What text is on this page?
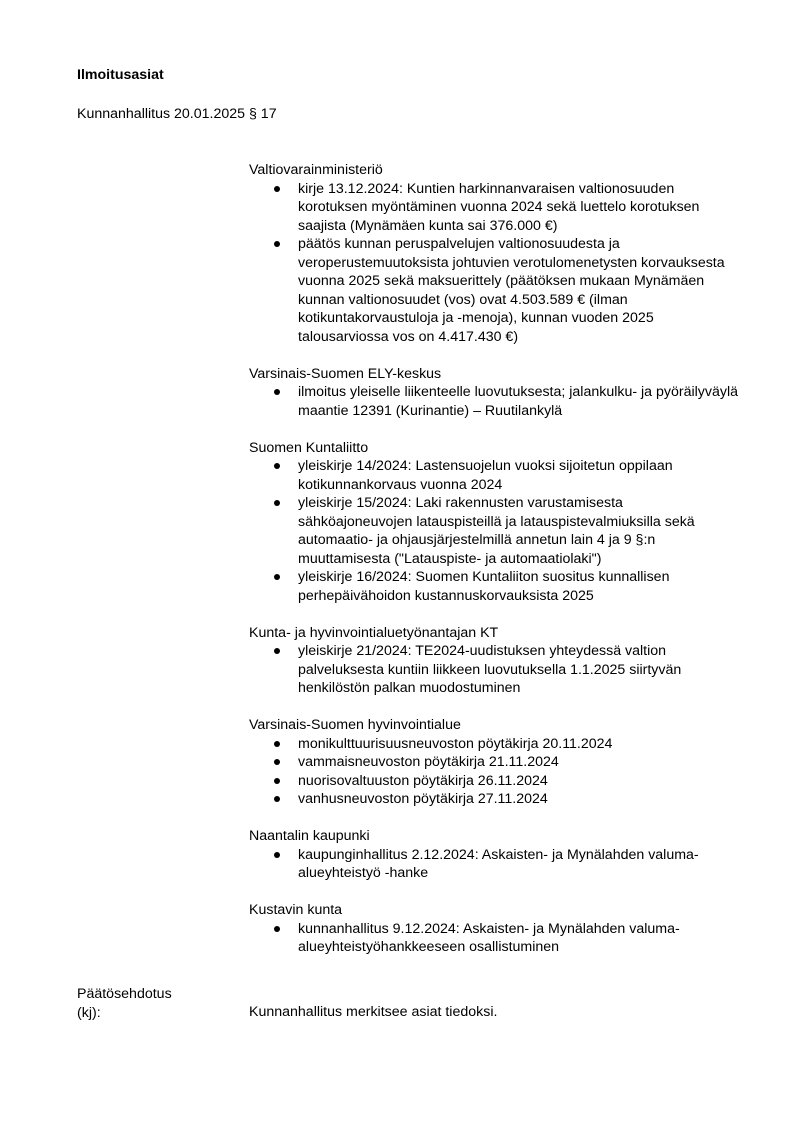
Ilmoitusasiat
Kunnanhallitus 20.01.2025 § 17
Valtiovarainministeriö
kirje 13.12.2024: Kuntien harkinnanvaraisen valtionosuuden korotuksen myöntäminen vuonna 2024 sekä luettelo korotuksen saajista (Mynämäen kunta sai 376.000 €)
päätös kunnan peruspalvelujen valtionosuudesta ja veroperustemuutoksista johtuvien verotulomenetysten korvauksesta vuonna 2025 sekä maksuerittely (päätöksen mukaan Mynämäen kunnan valtionosuudet (vos) ovat 4.503.589 € (ilman kotikuntakorvaustuloja ja -menoja), kunnan vuoden 2025 talousarviossa vos on 4.417.430 €)
Varsinais-Suomen ELY-keskus
ilmoitus yleiselle liikenteelle luovutuksesta; jalankulku- ja pyöräilyväylä maantie 12391 (Kurinantie) – Ruutilankylä
Suomen Kuntaliitto
yleiskirje 14/2024: Lastensuojelun vuoksi sijoitetun oppilaan kotikunnankorvaus vuonna 2024
yleiskirje 15/2024: Laki rakennusten varustamisesta sähköajoneuvojen latauspisteillä ja latauspistevalmiuksilla sekä automaatio- ja ohjausjärjestelmillä annetun lain 4 ja 9 §:n muuttamisesta ("Latauspiste- ja automaatiolaki")
yleiskirje 16/2024: Suomen Kuntaliiton suositus kunnallisen perhepäivähoidon kustannuskorvauksista 2025
Kunta- ja hyvinvointialuetyönantajan KT
yleiskirje 21/2024: TE2024-uudistuksen yhteydessä valtion palveluksesta kuntiin liikkeen luovutuksella 1.1.2025 siirtyvän henkilöstön palkan muodostuminen
Varsinais-Suomen hyvinvointialue
monikulttuurisuusneuvoston pöytäkirja 20.11.2024
vammaisneuvoston pöytäkirja 21.11.2024
nuorisovaltuuston pöytäkirja 26.11.2024
vanhusneuvoston pöytäkirja 27.11.2024
Naantalin kaupunki
kaupunginhallitus 2.12.2024: Askaisten- ja Mynälahden valuma-alueyhteistyö -hanke
Kustavin kunta
kunnanhallitus 9.12.2024: Askaisten- ja Mynälahden valuma-alueyhteistyöhankkeeseen osallistuminen
Päätösehdotus
(kj):	Kunnanhallitus merkitsee asiat tiedoksi.
